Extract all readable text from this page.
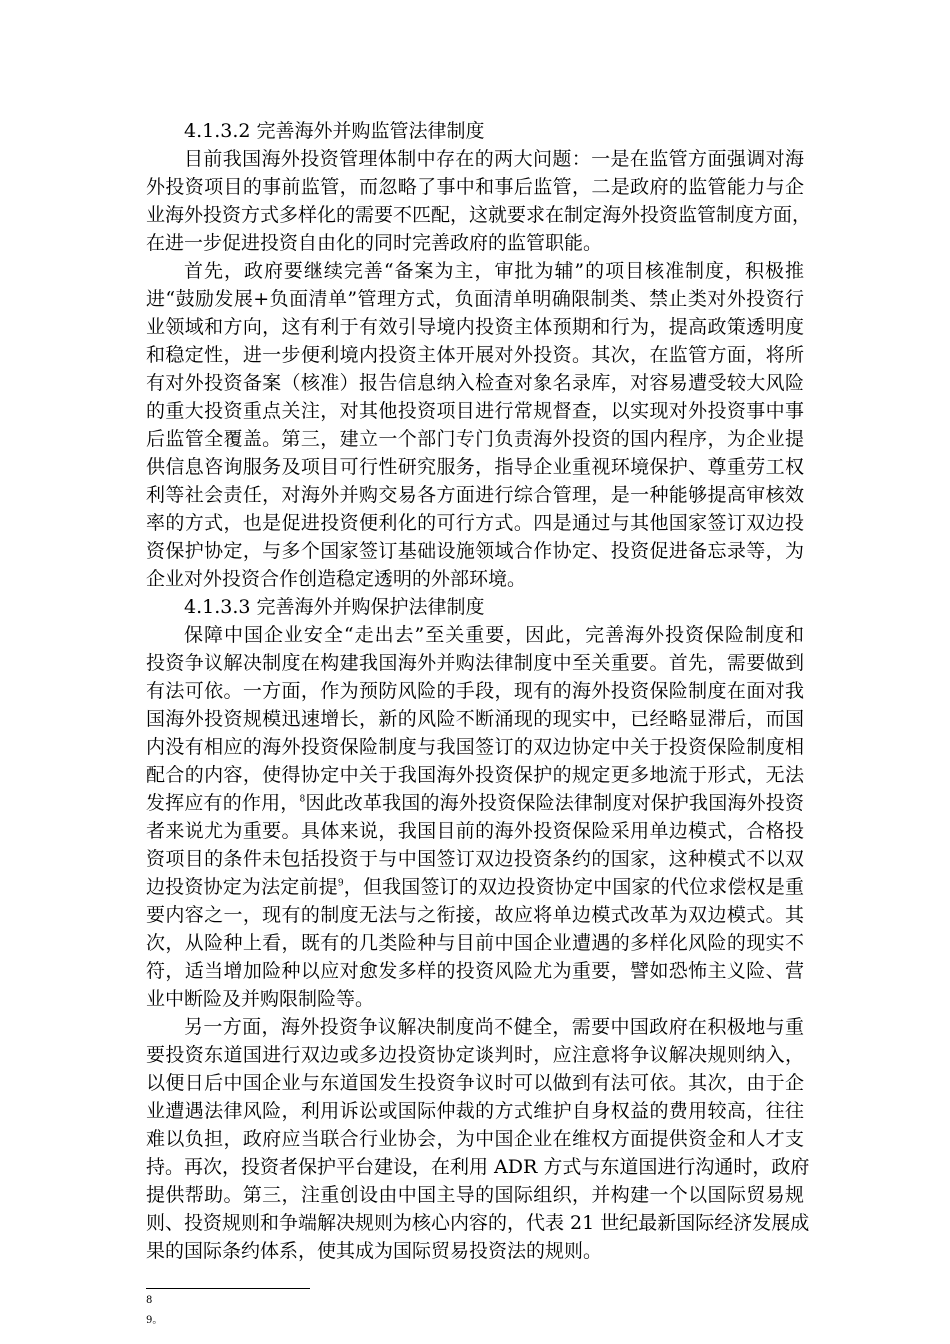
4.1.3.2 完善海外并购监管法律制度
目前我国海外投资管理体制中存在的两大问题：一是在监管方面强调对海
外投资项目的事前监管，而忽略了事中和事后监管，二是政府的监管能力与企
业海外投资方式多样化的需要不匹配，这就要求在制定海外投资监管制度方面，
在进一步促进投资自由化的同时完善政府的监管职能。
首先，政府要继续完善“备案为主，审批为辅”的项目核准制度，积极推
进“鼓励发展+负面清单”管理方式，负面清单明确限制类、禁止类对外投资行
业领域和方向，这有利于有效引导境内投资主体预期和行为，提高政策透明度
和稳定性，进一步便利境内投资主体开展对外投资。其次，在监管方面，将所
有对外投资备案（核准）报告信息纳入检查对象名录库，对容易遭受较大风险
的重大投资重点关注，对其他投资项目进行常规督查，以实现对外投资事中事
后监管全覆盖。第三，建立一个部门专门负责海外投资的国内程序，为企业提
供信息咨询服务及项目可行性研究服务，指导企业重视环境保护、尊重劳工权
利等社会责任，对海外并购交易各方面进行综合管理，是一种能够提高审核效
率的方式，也是促进投资便利化的可行方式。四是通过与其他国家签订双边投
资保护协定，与多个国家签订基础设施领域合作协定、投资促进备忘录等，为
企业对外投资合作创造稳定透明的外部环境。
4.1.3.3 完善海外并购保护法律制度
保障中国企业安全“走出去”至关重要，因此，完善海外投资保险制度和
投资争议解决制度在构建我国海外并购法律制度中至关重要。首先，需要做到
有法可依。一方面，作为预防风险的手段，现有的海外投资保险制度在面对我
国海外投资规模迅速增长，新的风险不断涌现的现实中，已经略显滞后，而国
内没有相应的海外投资保险制度与我国签订的双边协定中关于投资保险制度相
配合的内容，使得协定中关于我国海外投资保护的规定更多地流于形式，无法
发挥应有的作用，$^8$因此改革我国的海外投资保险法律制度对保护我国海外投资
者来说尤为重要。具体来说，我国目前的海外投资保险采用单边模式，合格投
资项目的条件未包括投资于与中国签订双边投资条约的国家，这种模式不以双
边投资协定为法定前提$^9$，但我国签订的双边投资协定中国家的代位求偿权是重
要内容之一，现有的制度无法与之衔接，故应将单边模式改革为双边模式。其
次，从险种上看，既有的几类险种与目前中国企业遭遇的多样化风险的现实不
符，适当增加险种以应对愈发多样的投资风险尤为重要，譬如恐怖主义险、营
业中断险及并购限制险等。
另一方面，海外投资争议解决制度尚不健全，需要中国政府在积极地与重
要投资东道国进行双边或多边投资协定谈判时，应注意将争议解决规则纳入，
以便日后中国企业与东道国发生投资争议时可以做到有法可依。其次，由于企
业遭遇法律风险，利用诉讼或国际仲裁的方式维护自身权益的费用较高，往往
难以负担，政府应当联合行业协会，为中国企业在维权方面提供资金和人才支
持。再次，投资者保护平台建设，在利用 ADR 方式与东道国进行沟通时，政府
提供帮助。第三，注重创设由中国主导的国际组织，并构建一个以国际贸易规
则、投资规则和争端解决规则为核心内容的，代表 21 世纪最新国际经济发展成
果的国际条约体系，使其成为国际贸易投资法的规则。
8
9。
